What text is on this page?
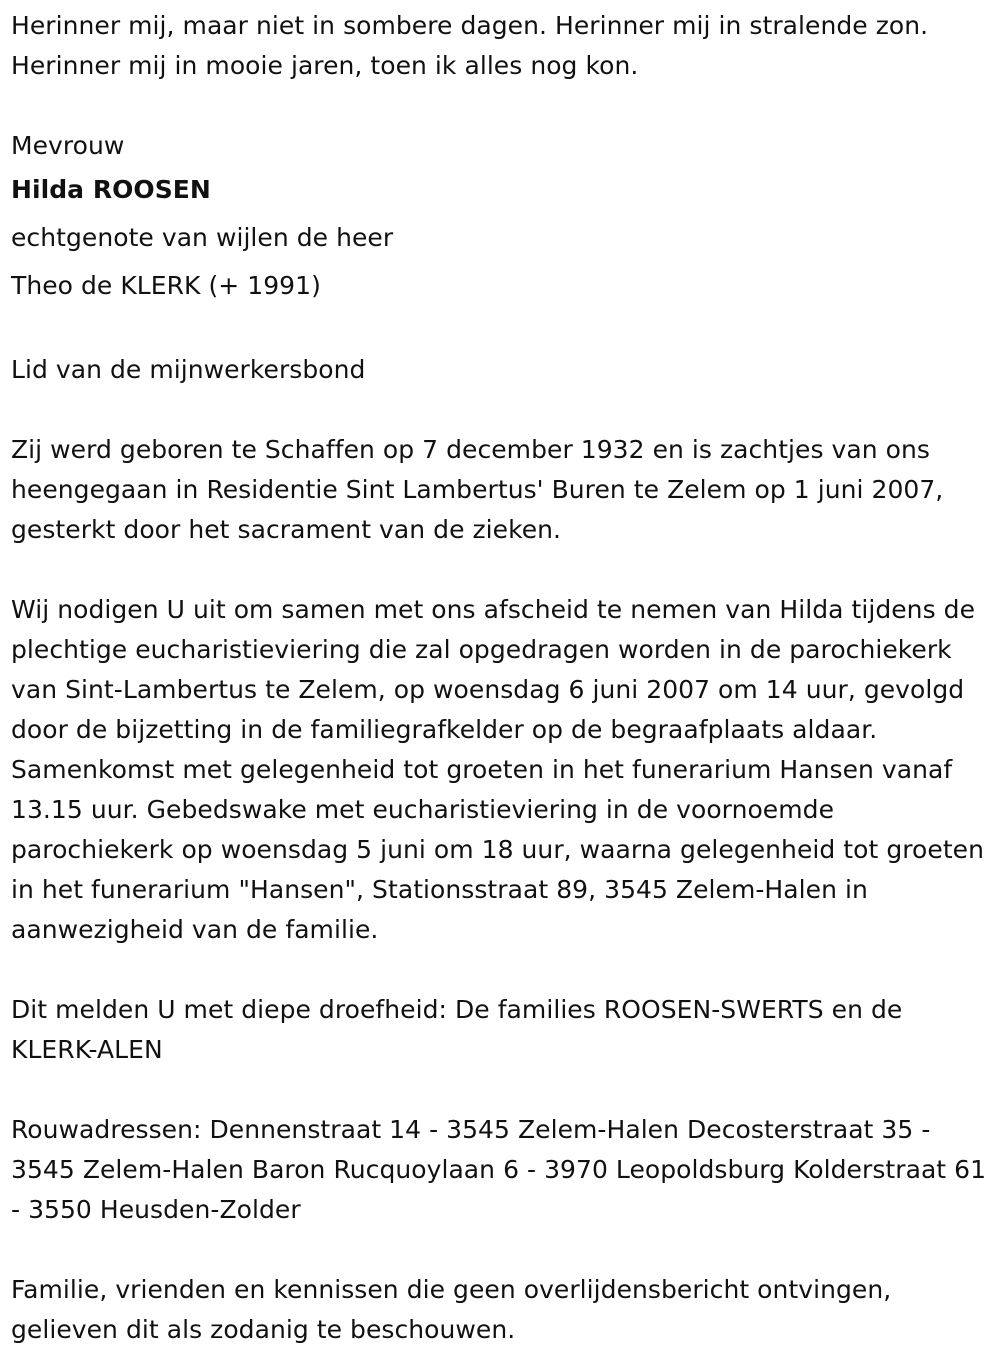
Herinner mij, maar niet in sombere dagen. Herinner mij in stralende zon. Herinner mij in mooie jaren, toen ik alles nog kon.

Mevrouw

Hilda ROOSEN

echtgenote van wijlen de heer

Theo de KLERK (+ 1991)

Lid van de mijnwerkersbond

Zij werd geboren te Schaffen op 7 december 1932 en is zachtjes van ons heengegaan in Residentie Sint Lambertus' Buren te Zelem op 1 juni 2007, gesterkt door het sacrament van de zieken.

Wij nodigen U uit om samen met ons afscheid te nemen van Hilda tijdens de plechtige eucharistieviering die zal opgedragen worden in de parochiekerk van Sint-Lambertus te Zelem, op woensdag 6 juni 2007 om 14 uur, gevolgd door de bijzetting in de familiegrafkelder op de begraafplaats aldaar. Samenkomst met gelegenheid tot groeten in het funerarium Hansen vanaf 13.15 uur. Gebedswake met eucharistieviering in de voornoemde parochiekerk op woensdag 5 juni om 18 uur, waarna gelegenheid tot groeten in het funerarium "Hansen", Stationsstraat 89, 3545 Zelem-Halen in aanwezigheid van de familie.

Dit melden U met diepe droefheid: De families ROOSEN-SWERTS en de KLERK-ALEN

Rouwadressen: Dennenstraat 14 - 3545 Zelem-Halen Decosterstraat 35 - 3545 Zelem-Halen Baron Rucquoylaan 6 - 3970 Leopoldsburg Kolderstraat 61 - 3550 Heusden-Zolder

Familie, vrienden en kennissen die geen overlijdensbericht ontvingen, gelieven dit als zodanig te beschouwen.
